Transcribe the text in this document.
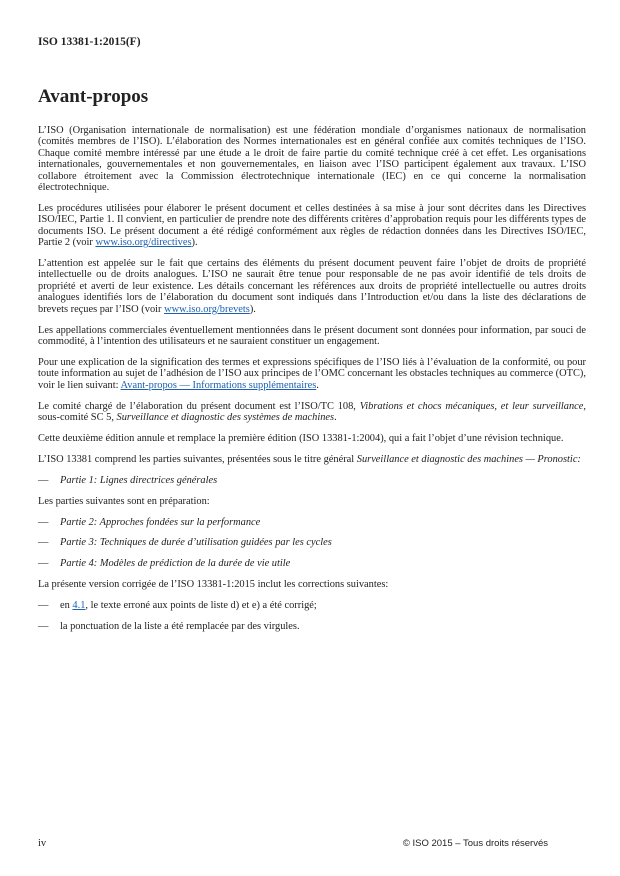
ISO 13381-1:2015(F)
Avant-propos

L’ISO (Organisation internationale de normalisation) est une fédération mondiale d’organismes nationaux de normalisation (comités membres de l’ISO). L’élaboration des Normes internationales est en général confiée aux comités techniques de l’ISO. Chaque comité membre intéressé par une étude a le droit de faire partie du comité technique créé à cet effet. Les organisations internationales, gouvernementales et non gouvernementales, en liaison avec l’ISO participent également aux travaux. L’ISO collabore étroitement avec la Commission électrotechnique internationale (IEC) en ce qui concerne la normalisation électrotechnique.

Les procédures utilisées pour élaborer le présent document et celles destinées à sa mise à jour sont décrites dans les Directives ISO/IEC, Partie 1. Il convient, en particulier de prendre note des différents critères d’approbation requis pour les différents types de documents ISO. Le présent document a été rédigé conformément aux règles de rédaction données dans les Directives ISO/IEC, Partie 2 (voir www.iso.org/directives).

L’attention est appelée sur le fait que certains des éléments du présent document peuvent faire l’objet de droits de propriété intellectuelle ou de droits analogues. L’ISO ne saurait être tenue pour responsable de ne pas avoir identifié de tels droits de propriété et averti de leur existence. Les détails concernant les références aux droits de propriété intellectuelle ou autres droits analogues identifiés lors de l’élaboration du document sont indiqués dans l’Introduction et/ou dans la liste des déclarations de brevets reçues par l’ISO (voir www.iso.org/brevets).

Les appellations commerciales éventuellement mentionnées dans le présent document sont données pour information, par souci de commodité, à l’intention des utilisateurs et ne sauraient constituer un engagement.

Pour une explication de la signification des termes et expressions spécifiques de l’ISO liés à l’évaluation de la conformité, ou pour toute information au sujet de l’adhésion de l’ISO aux principes de l’OMC concernant les obstacles techniques au commerce (OTC), voir le lien suivant: Avant-propos — Informations supplémentaires.

Le comité chargé de l’élaboration du présent document est l’ISO/TC 108, Vibrations et chocs mécaniques, et leur surveillance, sous-comité SC 5, Surveillance et diagnostic des systèmes de machines.

Cette deuxième édition annule et remplace la première édition (ISO 13381-1:2004), qui a fait l’objet d’une révision technique.

L’ISO 13381 comprend les parties suivantes, présentées sous le titre général Surveillance et diagnostic des machines — Pronostic:

—	Partie 1: Lignes directrices générales

Les parties suivantes sont en préparation:

—	Partie 2: Approches fondées sur la performance
—	Partie 3: Techniques de durée d’utilisation guidées par les cycles
—	Partie 4: Modèles de prédiction de la durée de vie utile

La présente version corrigée de l’ISO 13381-1:2015 inclut les corrections suivantes:

—	en 4.1, le texte erroné aux points de liste d) et e) a été corrigé;
—	la ponctuation de la liste a été remplacée par des virgules.
iv	© ISO 2015 – Tous droits réservés
